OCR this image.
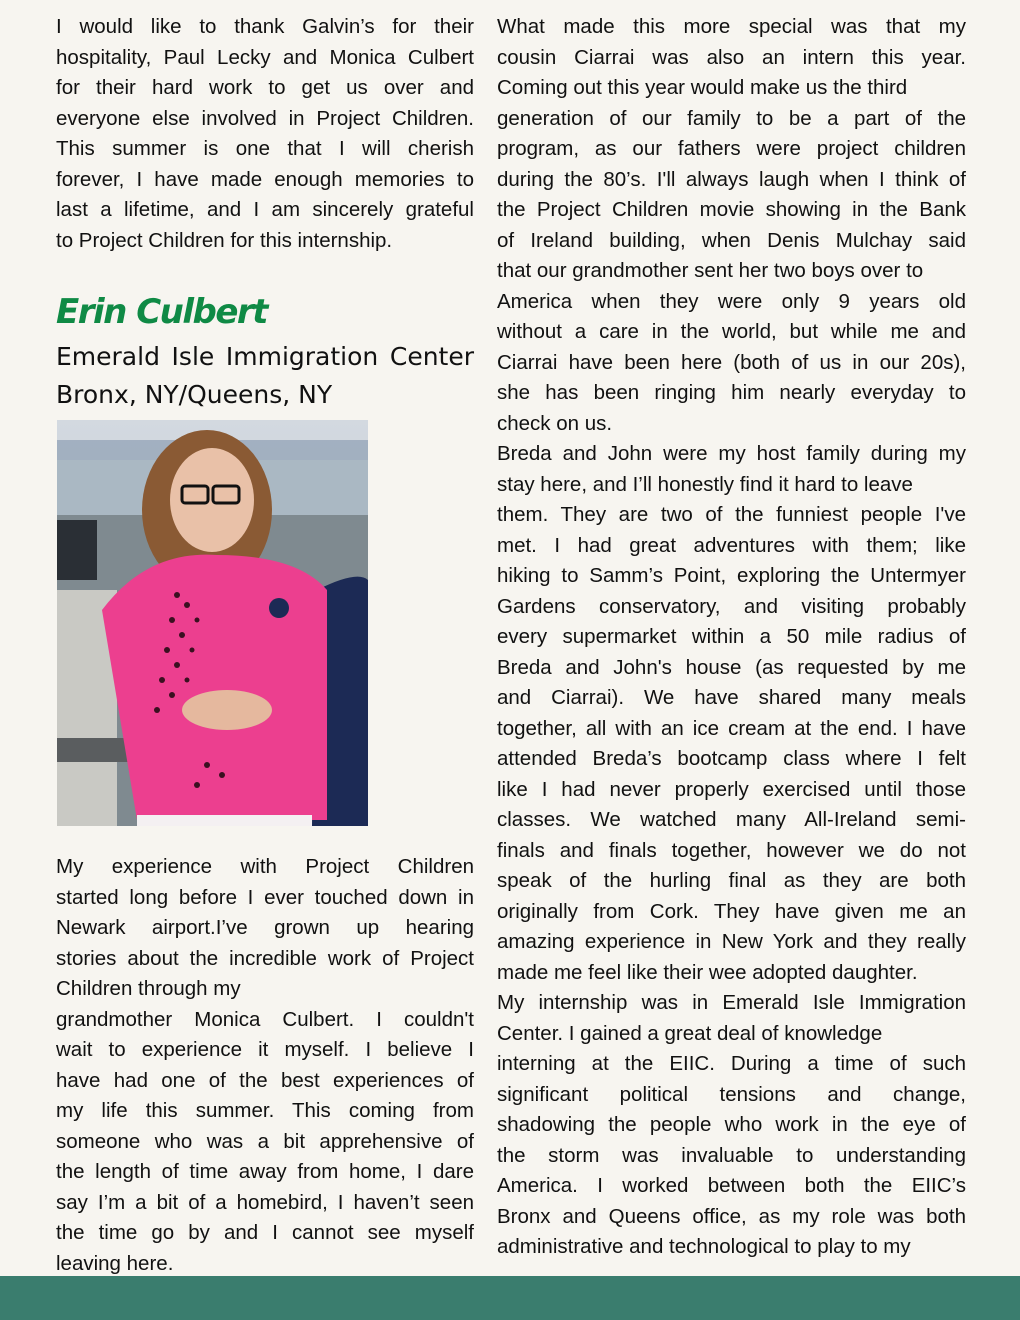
I would like to thank Galvin’s for their
hospitality, Paul Lecky and Monica Culbert
for their hard work to get us over and
everyone else involved in Project Children.
This summer is one that I will cherish
forever, I have made enough memories to
last a lifetime, and I am sincerely grateful
to Project Children for this internship.

Erin Culbert
Emerald Isle Immigration Center
Bronx, NY/Queens, NY

My experience with Project Children
started long before I ever touched down in
Newark airport.I’ve grown up hearing
stories about the incredible work of Project
Children through my
grandmother Monica Culbert. I couldn't
wait to experience it myself. I believe I
have had one of the best experiences of
my life this summer. This coming from
someone who was a bit apprehensive of
the length of time away from home, I dare
say I’m a bit of a homebird, I haven’t seen
the time go by and I cannot see myself
leaving here.

What made this more special was that my
cousin Ciarrai was also an intern this year.
Coming out this year would make us the third
generation of our family to be a part of the
program, as our fathers were project children
during the 80’s. I'll always laugh when I think of
the Project Children movie showing in the Bank
of Ireland building, when Denis Mulchay said
that our grandmother sent her two boys over to
America when they were only 9 years old
without a care in the world, but while me and
Ciarrai have been here (both of us in our 20s),
she has been ringing him nearly everyday to
check on us.
Breda and John were my host family during my
stay here, and I’ll honestly find it hard to leave
them. They are two of the funniest people I've
met. I had great adventures with them; like
hiking to Samm’s Point, exploring the Untermyer
Gardens conservatory, and visiting probably
every supermarket within a 50 mile radius of
Breda and John's house (as requested by me
and Ciarrai). We have shared many meals
together, all with an ice cream at the end. I have
attended Breda’s bootcamp class where I felt
like I had never properly exercised until those
classes. We watched many All-Ireland semi-
finals and finals together, however we do not
speak of the hurling final as they are both
originally from Cork. They have given me an
amazing experience in New York and they really
made me feel like their wee adopted daughter.
My internship was in Emerald Isle Immigration
Center. I gained a great deal of knowledge
interning at the EIIC. During a time of such
significant political tensions and change,
shadowing the people who work in the eye of
the storm was invaluable to understanding
America. I worked between both the EIIC’s
Bronx and Queens office, as my role was both
administrative and technological to play to my
